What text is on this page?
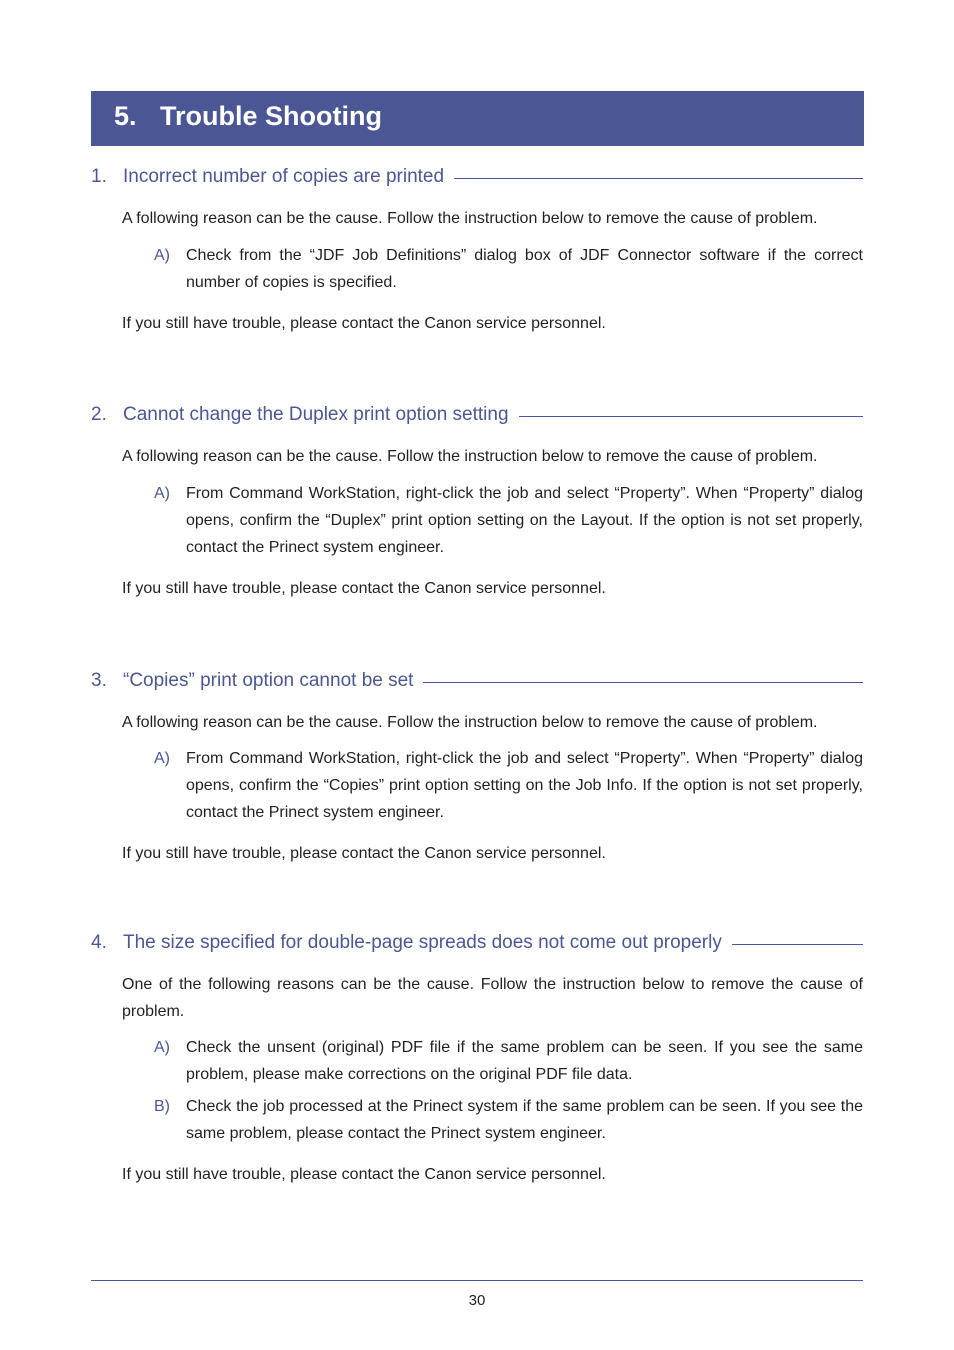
5. Trouble Shooting
1. Incorrect number of copies are printed
A following reason can be the cause. Follow the instruction below to remove the cause of problem.
A) Check from the “JDF Job Definitions” dialog box of JDF Connector software if the correct number of copies is specified.
If you still have trouble, please contact the Canon service personnel.
2. Cannot change the Duplex print option setting
A following reason can be the cause. Follow the instruction below to remove the cause of problem.
A) From Command WorkStation, right-click the job and select “Property”. When “Property” dialog opens, confirm the “Duplex” print option setting on the Layout. If the option is not set properly, contact the Prinect system engineer.
If you still have trouble, please contact the Canon service personnel.
3. “Copies” print option cannot be set
A following reason can be the cause. Follow the instruction below to remove the cause of problem.
A) From Command WorkStation, right-click the job and select “Property”. When “Property” dialog opens, confirm the “Copies” print option setting on the Job Info. If the option is not set properly, contact the Prinect system engineer.
If you still have trouble, please contact the Canon service personnel.
4. The size specified for double-page spreads does not come out properly
One of the following reasons can be the cause. Follow the instruction below to remove the cause of problem.
A) Check the unsent (original) PDF file if the same problem can be seen. If you see the same problem, please make corrections on the original PDF file data.
B) Check the job processed at the Prinect system if the same problem can be seen. If you see the same problem, please contact the Prinect system engineer.
If you still have trouble, please contact the Canon service personnel.
30
